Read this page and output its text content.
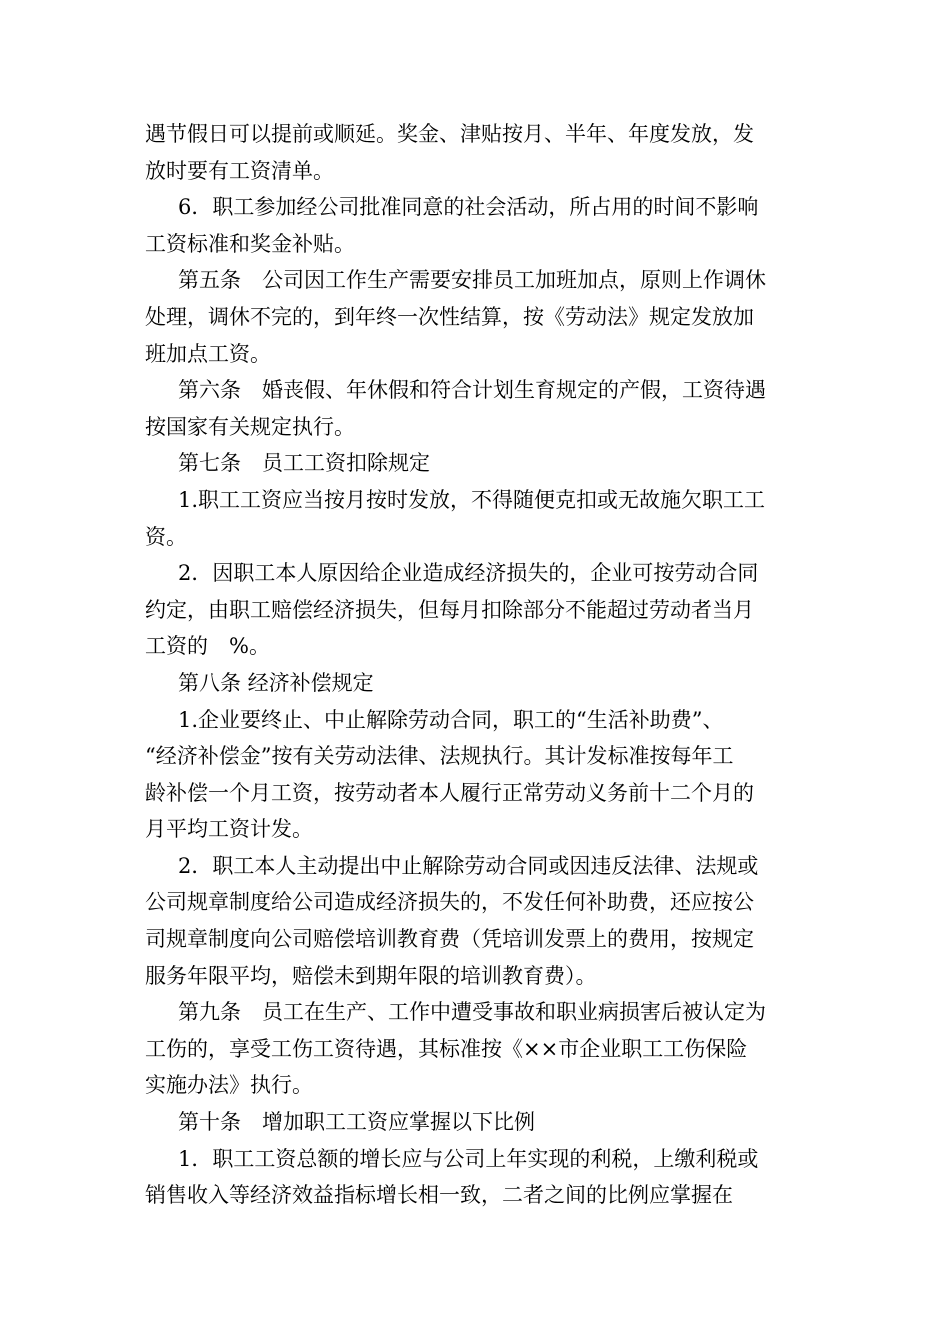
遇节假日可以提前或顺延。奖金、津贴按月、半年、年度发放，发
放时要有工资清单。
6．职工参加经公司批准同意的社会活动，所占用的时间不影响
工资标准和奖金补贴。
第五条　公司因工作生产需要安排员工加班加点，原则上作调休
处理，调休不完的，到年终一次性结算，按《劳动法》规定发放加
班加点工资。
第六条　婚丧假、年休假和符合计划生育规定的产假，工资待遇
按国家有关规定执行。
第七条　员工工资扣除规定
1.职工工资应当按月按时发放，不得随便克扣或无故施欠职工工
资。
2．因职工本人原因给企业造成经济损失的，企业可按劳动合同
约定，由职工赔偿经济损失，但每月扣除部分不能超过劳动者当月
工资的　%。
第八条 经济补偿规定
1.企业要终止、中止解除劳动合同，职工的“生活补助费”、
“经济补偿金”按有关劳动法律、法规执行。其计发标准按每年工
龄补偿一个月工资，按劳动者本人履行正常劳动义务前十二个月的
月平均工资计发。
2．职工本人主动提出中止解除劳动合同或因违反法律、法规或
公司规章制度给公司造成经济损失的，不发任何补助费，还应按公
司规章制度向公司赔偿培训教育费（凭培训发票上的费用，按规定
服务年限平均，赔偿未到期年限的培训教育费）。
第九条　员工在生产、工作中遭受事故和职业病损害后被认定为
工伤的，享受工伤工资待遇，其标准按《××市企业职工工伤保险
实施办法》执行。
第十条　增加职工工资应掌握以下比例
1．职工工资总额的增长应与公司上年实现的利税，上缴利税或
销售收入等经济效益指标增长相一致，二者之间的比例应掌握在
